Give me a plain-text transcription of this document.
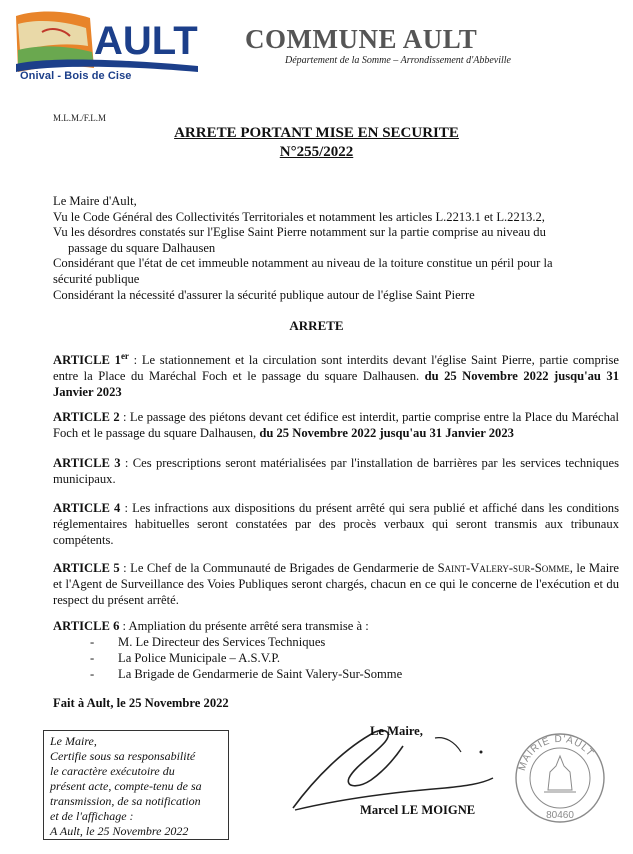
AULT
Onival - Bois de Cise
COMMUNE AULT
Département de la Somme – Arrondissement d'Abbeville
M.L.M./F.L.M
ARRETE PORTANT MISE EN SECURITE
N°255/2022

Le Maire d'Ault,

Vu le Code Général des Collectivités Territoriales et notamment les articles L.2213.1 et L.2213.2,

Vu les désordres constatés sur l'Eglise Saint Pierre notamment sur la partie comprise au niveau du

passage du square Dalhausen

Considérant que l'état de cet immeuble notamment au niveau de la toiture constitue un péril pour la

sécurité publique

Considérant la nécessité d'assurer la sécurité publique autour de l'église Saint Pierre

ARRETE

ARTICLE 1er : Le stationnement et la circulation sont interdits devant l'église Saint Pierre, partie comprise entre la Place du Maréchal Foch et le passage du square Dalhausen. du 25 Novembre 2022 jusqu'au 31 Janvier 2023

ARTICLE 2 : Le passage des piétons devant cet édifice est interdit, partie comprise entre la Place du Maréchal Foch et le passage du square Dalhausen, du 25 Novembre 2022 jusqu'au 31 Janvier 2023

ARTICLE 3 : Ces prescriptions seront matérialisées par l'installation de barrières par les services techniques municipaux.

ARTICLE 4 : Les infractions aux dispositions du présent arrêté qui sera publié et affiché dans les conditions réglementaires habituelles seront constatées par des procès verbaux qui seront transmis aux tribunaux compétents.

ARTICLE 5 : Le Chef de la Communauté de Brigades de Gendarmerie de Saint-Valery-sur-Somme, le Maire et l'Agent de Surveillance des Voies Publiques seront chargés, chacun en ce qui le concerne de l'exécution et du respect du présent arrêté.

ARTICLE 6 : Ampliation du présente arrêté sera transmise à :

- M. Le Directeur des Services Techniques
- La Police Municipale – A.S.V.P.
- La Brigade de Gendarmerie de Saint Valery-Sur-Somme
Fait à Ault, le 25 Novembre 2022

Le Maire,

Certifie sous sa responsabilité

le caractère exécutoire du

présent acte, compte-tenu de sa

transmission, de sa notification

et de l'affichage :

A Ault, le 25 Novembre 2022

Le Maire,
MAIRIE D'AULT
80460
Marcel LE MOIGNE
